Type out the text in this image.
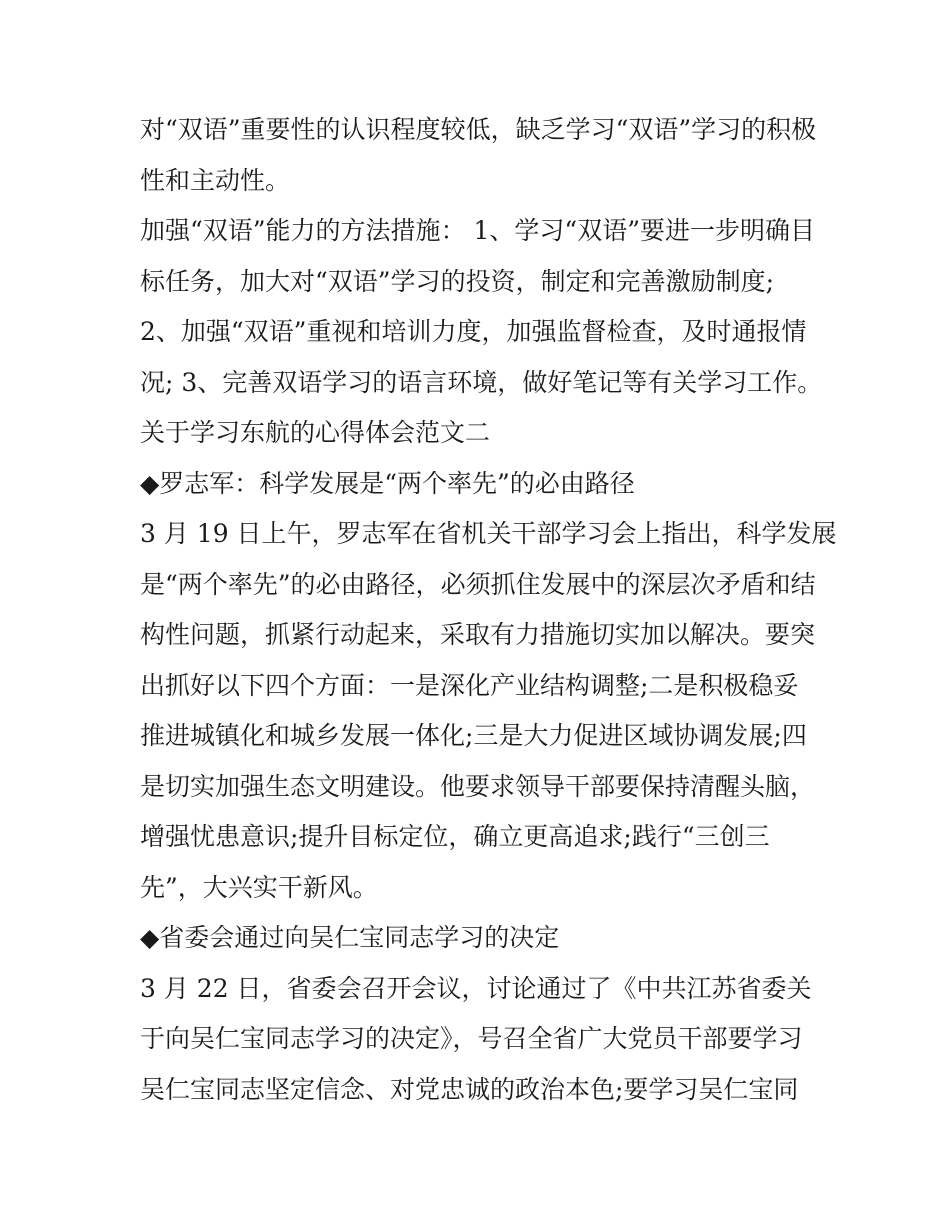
对“双语”重要性的认识程度较低，缺乏学习“双语”学习的积极
性和主动性。
加强“双语”能力的方法措施： 1、学习“双语”要进一步明确目
标任务，加大对“双语”学习的投资，制定和完善激励制度;
2、加强“双语”重视和培训力度，加强监督检查，及时通报情
况; 3、完善双语学习的语言环境，做好笔记等有关学习工作。
关于学习东航的心得体会范文二
◆罗志军：科学发展是“两个率先”的必由路径
3 月 19 日上午，罗志军在省机关干部学习会上指出，科学发展
是“两个率先”的必由路径，必须抓住发展中的深层次矛盾和结
构性问题，抓紧行动起来，采取有力措施切实加以解决。要突
出抓好以下四个方面：一是深化产业结构调整;二是积极稳妥
推进城镇化和城乡发展一体化;三是大力促进区域协调发展;四
是切实加强生态文明建设。他要求领导干部要保持清醒头脑，
增强忧患意识;提升目标定位，确立更高追求;践行“三创三
先”，大兴实干新风。
◆省委会通过向吴仁宝同志学习的决定
3 月 22 日，省委会召开会议，讨论通过了《中共江苏省委关
于向吴仁宝同志学习的决定》，号召全省广大党员干部要学习
吴仁宝同志坚定信念、对党忠诚的政治本色;要学习吴仁宝同
